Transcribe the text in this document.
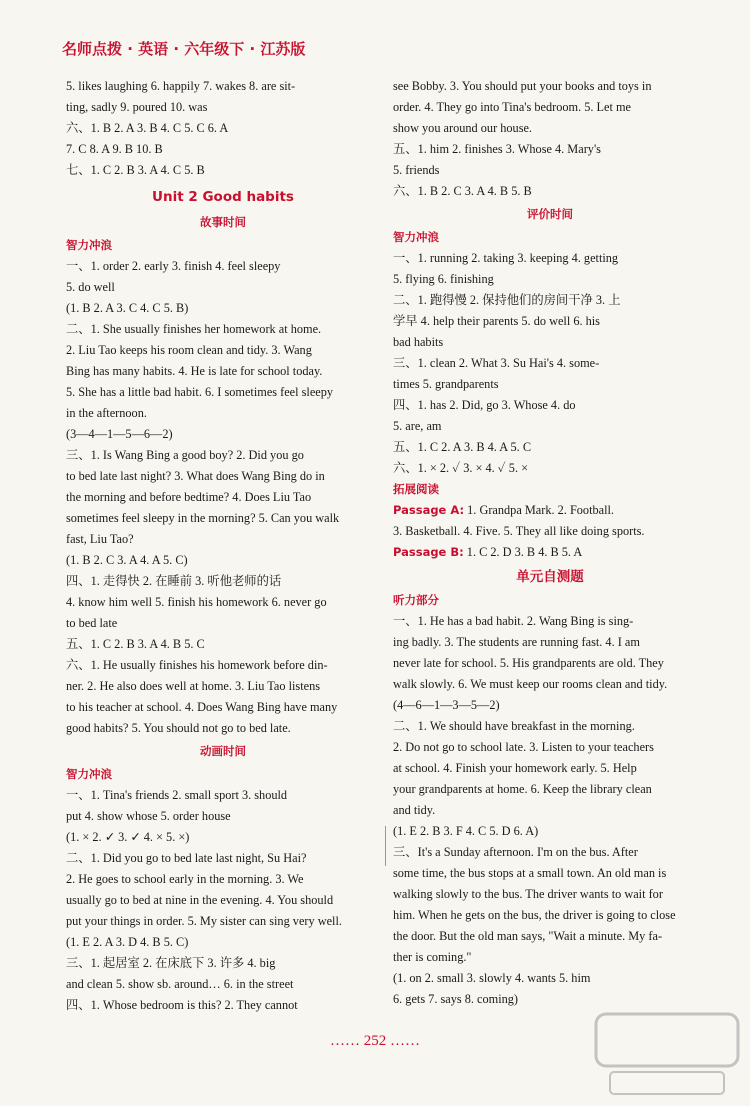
名师点拨 · 英语 · 六年级下 · 江苏版
5. likes laughing 6. happily 7. wakes 8. are sit-
ting, sadly 9. poured 10. was
六、1. B 2. A 3. B 4. C 5. C 6. A
7. C 8. A 9. B 10. B
七、1. C 2. B 3. A 4. C 5. B
Unit 2 Good habits
故事时间
智力冲浪
一、1. order 2. early 3. finish 4. feel sleepy
5. do well
(1. B 2. A 3. C 4. C 5. B)
二、1. She usually finishes her homework at home.
2. Liu Tao keeps his room clean and tidy. 3. Wang
Bing has many habits. 4. He is late for school today.
5. She has a little bad habit. 6. I sometimes feel sleepy
in the afternoon.
(3—4—1—5—6—2)
三、1. Is Wang Bing a good boy? 2. Did you go
to bed late last night? 3. What does Wang Bing do in
the morning and before bedtime? 4. Does Liu Tao
sometimes feel sleepy in the morning? 5. Can you walk
fast, Liu Tao?
(1. B 2. C 3. A 4. A 5. C)
四、1. 走得快 2. 在睡前 3. 听他老师的话
4. know him well 5. finish his homework 6. never go
to bed late
五、1. C 2. B 3. A 4. B 5. C
六、1. He usually finishes his homework before din-
ner. 2. He also does well at home. 3. Liu Tao listens
to his teacher at school. 4. Does Wang Bing have many
good habits? 5. You should not go to bed late.
动画时间
智力冲浪
一、1. Tina's friends 2. small sport 3. should
put 4. show whose 5. order house
(1. × 2. ✓ 3. ✓ 4. × 5. ×)
二、1. Did you go to bed late last night, Su Hai?
2. He goes to school early in the morning. 3. We
usually go to bed at nine in the evening. 4. You should
put your things in order. 5. My sister can sing very well.
(1. E 2. A 3. D 4. B 5. C)
三、1. 起居室 2. 在床底下 3. 许多 4. big
and clean 5. show sb. around… 6. in the street
四、1. Whose bedroom is this? 2. They cannot
see Bobby. 3. You should put your books and toys in
order. 4. They go into Tina's bedroom. 5. Let me
show you around our house.
五、1. him 2. finishes 3. Whose 4. Mary's
5. friends
六、1. B 2. C 3. A 4. B 5. B
评价时间
智力冲浪
一、1. running 2. taking 3. keeping 4. getting
5. flying 6. finishing
二、1. 跑得慢 2. 保持他们的房间干净 3. 上
学早 4. help their parents 5. do well 6. his
bad habits
三、1. clean 2. What 3. Su Hai's 4. some-
times 5. grandparents
四、1. has 2. Did, go 3. Whose 4. do
5. are, am
五、1. C 2. A 3. B 4. A 5. C
六、1. × 2. ✓ 3. × 4. ✓ 5. ×
拓展阅读
Passage A: 1. Grandpa Mark. 2. Football.
3. Basketball. 4. Five. 5. They all like doing sports.
Passage B: 1. C 2. D 3. B 4. B 5. A
单元自测题
听力部分
一、1. He has a bad habit. 2. Wang Bing is sing-
ing badly. 3. The students are running fast. 4. I am
never late for school. 5. His grandparents are old. They
walk slowly. 6. We must keep our rooms clean and tidy.
(4—6—1—3—5—2)
二、1. We should have breakfast in the morning.
2. Do not go to school late. 3. Listen to your teachers
at school. 4. Finish your homework early. 5. Help
your grandparents at home. 6. Keep the library clean
and tidy.
(1. E 2. B 3. F 4. C 5. D 6. A)
三、It's a Sunday afternoon. I'm on the bus. After
some time, the bus stops at a small town. An old man is
walking slowly to the bus. The driver wants to wait for
him. When he gets on the bus, the driver is going to close
the door. But the old man says, "Wait a minute. My fa-
ther is coming."
(1. on 2. small 3. slowly 4. wants 5. him
6. gets 7. says 8. coming)
…… 252 ……
